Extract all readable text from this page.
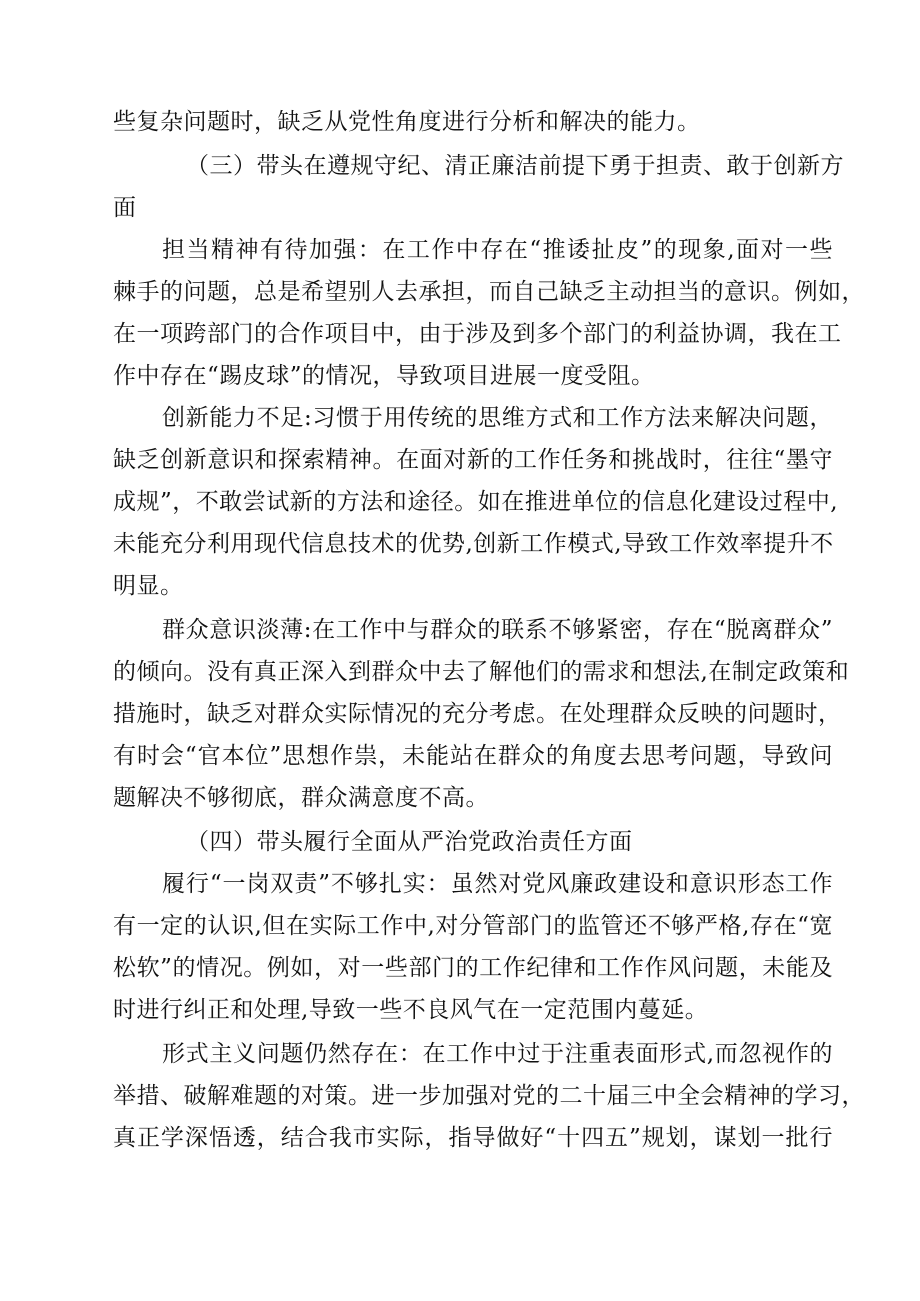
些复杂问题时，缺乏从党性角度进行分析和解决的能力。
（三）带头在遵规守纪、清正廉洁前提下勇于担责、敢于创新方
面
担当精神有待加强：在工作中存在“推诿扯皮”的现象,面对一些
棘手的问题，总是希望别人去承担，而自己缺乏主动担当的意识。例如，
在一项跨部门的合作项目中，由于涉及到多个部门的利益协调，我在工
作中存在“踢皮球”的情况，导致项目进展一度受阻。
创新能力不足:习惯于用传统的思维方式和工作方法来解决问题，
缺乏创新意识和探索精神。在面对新的工作任务和挑战时，往往“墨守
成规”，不敢尝试新的方法和途径。如在推进单位的信息化建设过程中,
未能充分利用现代信息技术的优势,创新工作模式,导致工作效率提升不
明显。
群众意识淡薄:在工作中与群众的联系不够紧密，存在“脱离群众”
的倾向。没有真正深入到群众中去了解他们的需求和想法,在制定政策和
措施时，缺乏对群众实际情况的充分考虑。在处理群众反映的问题时，
有时会“官本位”思想作祟，未能站在群众的角度去思考问题，导致问
题解决不够彻底，群众满意度不高。
（四）带头履行全面从严治党政治责任方面
履行“一岗双责”不够扎实：虽然对党风廉政建设和意识形态工作
有一定的认识,但在实际工作中,对分管部门的监管还不够严格,存在“宽
松软”的情况。例如，对一些部门的工作纪律和工作作风问题，未能及
时进行纠正和处理,导致一些不良风气在一定范围内蔓延。
形式主义问题仍然存在：在工作中过于注重表面形式,而忽视作的
举措、破解难题的对策。进一步加强对党的二十届三中全会精神的学习，
真正学深悟透，结合我市实际，指导做好“十四五”规划，谋划一批行
